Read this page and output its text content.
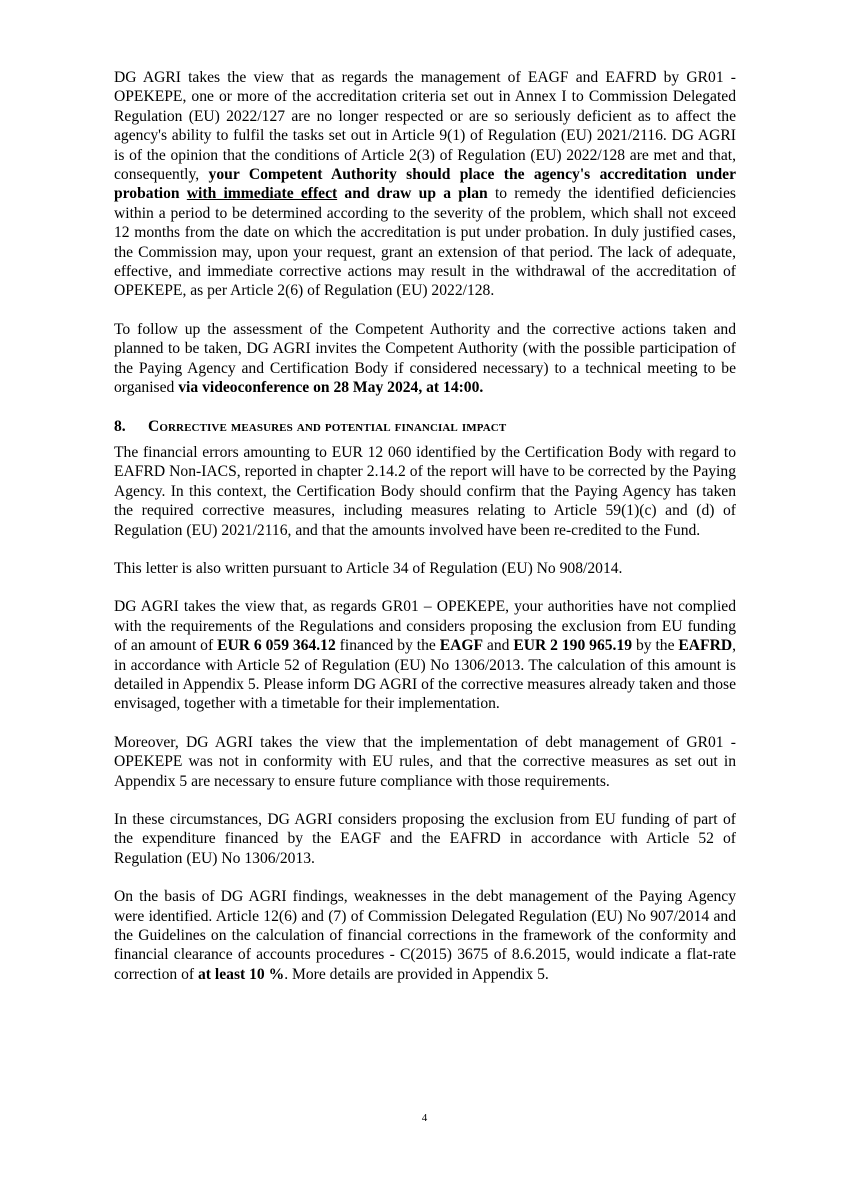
DG AGRI takes the view that as regards the management of EAGF and EAFRD by GR01 - OPEKEPE, one or more of the accreditation criteria set out in Annex I to Commission Delegated Regulation (EU) 2022/127 are no longer respected or are so seriously deficient as to affect the agency's ability to fulfil the tasks set out in Article 9(1) of Regulation (EU) 2021/2116. DG AGRI is of the opinion that the conditions of Article 2(3) of Regulation (EU) 2022/128 are met and that, consequently, your Competent Authority should place the agency's accreditation under probation with immediate effect and draw up a plan to remedy the identified deficiencies within a period to be determined according to the severity of the problem, which shall not exceed 12 months from the date on which the accreditation is put under probation. In duly justified cases, the Commission may, upon your request, grant an extension of that period. The lack of adequate, effective, and immediate corrective actions may result in the withdrawal of the accreditation of OPEKEPE, as per Article 2(6) of Regulation (EU) 2022/128.

To follow up the assessment of the Competent Authority and the corrective actions taken and planned to be taken, DG AGRI invites the Competent Authority (with the possible participation of the Paying Agency and Certification Body if considered necessary) to a technical meeting to be organised via videoconference on 28 May 2024, at 14:00.

8.	Corrective measures and potential financial impact

The financial errors amounting to EUR 12 060 identified by the Certification Body with regard to EAFRD Non-IACS, reported in chapter 2.14.2 of the report will have to be corrected by the Paying Agency. In this context, the Certification Body should confirm that the Paying Agency has taken the required corrective measures, including measures relating to Article 59(1)(c) and (d) of Regulation (EU) 2021/2116, and that the amounts involved have been re-credited to the Fund.

This letter is also written pursuant to Article 34 of Regulation (EU) No 908/2014.

DG AGRI takes the view that, as regards GR01 – OPEKEPE, your authorities have not complied with the requirements of the Regulations and considers proposing the exclusion from EU funding of an amount of EUR 6 059 364.12 financed by the EAGF and EUR 2 190 965.19 by the EAFRD, in accordance with Article 52 of Regulation (EU) No 1306/2013. The calculation of this amount is detailed in Appendix 5. Please inform DG AGRI of the corrective measures already taken and those envisaged, together with a timetable for their implementation.

Moreover, DG AGRI takes the view that the implementation of debt management of GR01 - OPEKEPE was not in conformity with EU rules, and that the corrective measures as set out in Appendix 5 are necessary to ensure future compliance with those requirements.

In these circumstances, DG AGRI considers proposing the exclusion from EU funding of part of the expenditure financed by the EAGF and the EAFRD in accordance with Article 52 of Regulation (EU) No 1306/2013.

On the basis of DG AGRI findings, weaknesses in the debt management of the Paying Agency were identified. Article 12(6) and (7) of Commission Delegated Regulation (EU) No 907/2014 and the Guidelines on the calculation of financial corrections in the framework of the conformity and financial clearance of accounts procedures - C(2015) 3675 of 8.6.2015, would indicate a flat-rate correction of at least 10 %. More details are provided in Appendix 5.

4
